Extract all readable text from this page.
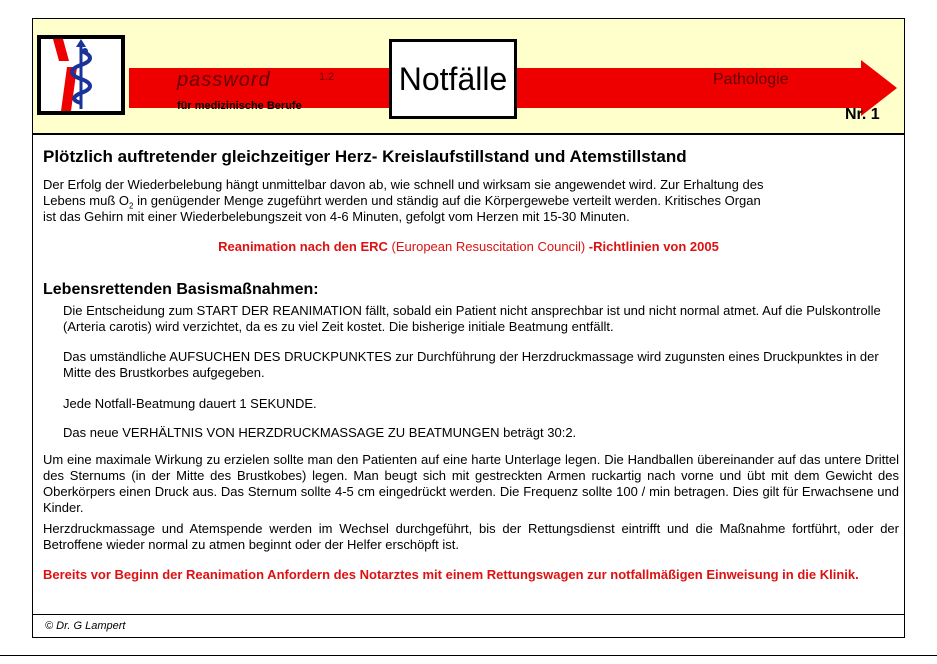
password	1.2
für medizinische Berufe
Notfälle	Pathologie
Nr. 1
Plötzlich auftretender gleichzeitiger Herz- Kreislaufstillstand und Atemstillstand

Der Erfolg der Wiederbelebung hängt unmittelbar davon ab, wie schnell und wirksam sie angewendet wird. Zur Erhaltung des

Lebens muß $O_2$ in genügender Menge zugeführt werden und ständig auf die Körpergewebe verteilt werden. Kritisches Organ

ist das Gehirn mit einer Wiederbelebungszeit von 4-6 Minuten, gefolgt vom Herzen mit 15-30 Minuten.

Reanimation nach den ERC (European Resuscitation Council) -Richtlinien von 2005

Lebensrettenden Basismaßnahmen:

Die Entscheidung zum START DER REANIMATION fällt, sobald ein Patient nicht ansprechbar ist und nicht normal atmet. Auf die Pulskontrolle (Arteria carotis) wird verzichtet, da es zu viel Zeit kostet. Die bisherige initiale Beatmung entfällt.

Das umständliche AUFSUCHEN DES DRUCKPUNKTES zur Durchführung der Herzdruckmassage wird zugunsten eines Druckpunktes in der Mitte des Brustkorbes aufgegeben.

Jede Notfall-Beatmung dauert 1 SEKUNDE.

Das neue VERHÄLTNIS VON HERZDRUCKMASSAGE ZU BEATMUNGEN beträgt 30:2.

Um eine maximale Wirkung zu erzielen sollte man den Patienten auf eine harte Unterlage legen. Die Handballen übereinander auf das untere Drittel des Sternums (in der Mitte des Brustkobes) legen. Man beugt sich mit gestreckten Armen ruckartig nach vorne und übt mit dem Gewicht des Oberkörpers einen Druck aus. Das Sternum sollte 4-5 cm eingedrückt werden. Die Frequenz sollte 100 / min betragen. Dies gilt für Erwachsene und Kinder.

Herzdruckmassage und Atemspende werden im Wechsel durchgeführt, bis der Rettungsdienst eintrifft und die Maßnahme fortführt, oder der Betroffene wieder normal zu atmen beginnt oder der Helfer erschöpft ist.

Bereits vor Beginn der Reanimation Anfordern des Notarztes mit einem Rettungswagen zur notfallmäßigen Einweisung in die Klinik.

© Dr. G Lampert
